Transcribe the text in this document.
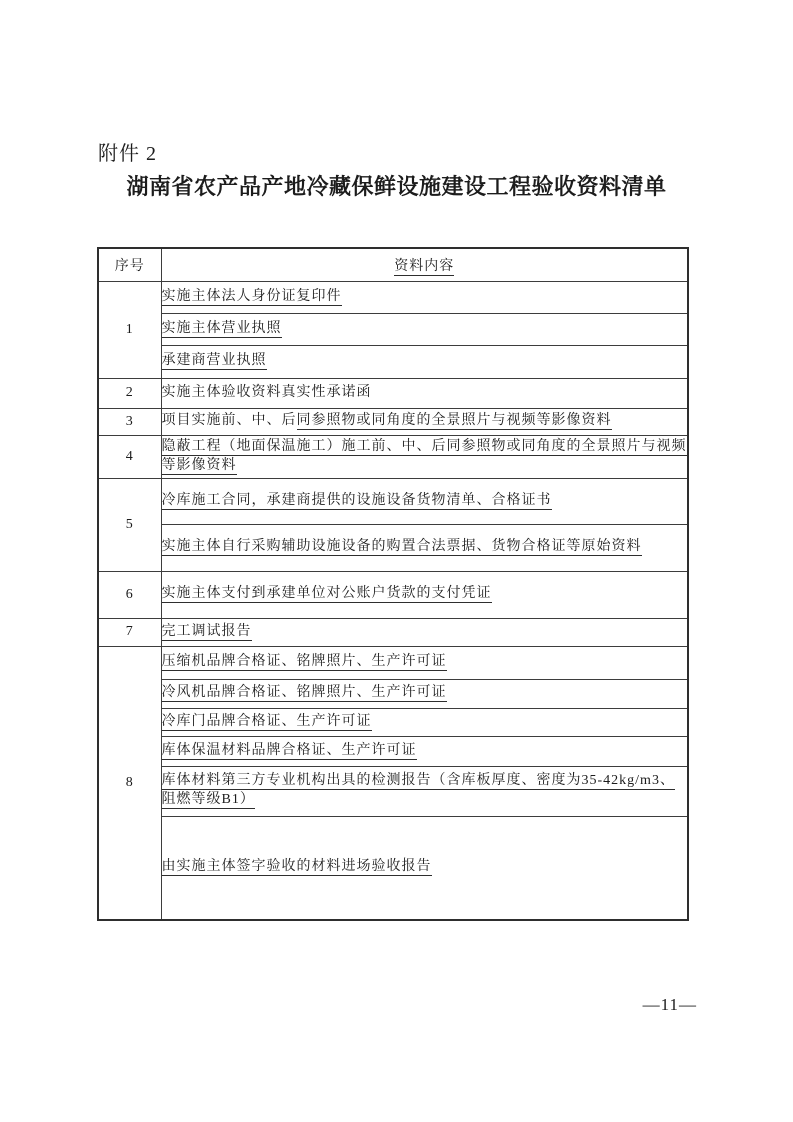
附件 2
湖南省农产品产地冷藏保鲜设施建设工程验收资料清单
序号	资料内容
1	实施主体法人身份证复印件
	实施主体营业执照
	承建商营业执照
2	实施主体验收资料真实性承诺函
3	项目实施前、中、后同参照物或同角度的全景照片与视频等影像资料
4	隐蔽工程（地面保温施工）施工前、中、后同参照物或同角度的全景照片与视频等影像资料
5	冷库施工合同，承建商提供的设施设备货物清单、合格证书
	实施主体自行采购辅助设施设备的购置合法票据、货物合格证等原始资料
6	实施主体支付到承建单位对公账户货款的支付凭证
7	完工调试报告
8	压缩机品牌合格证、铭牌照片、生产许可证
	冷风机品牌合格证、铭牌照片、生产许可证
	冷库门品牌合格证、生产许可证
	库体保温材料品牌合格证、生产许可证
	库体材料第三方专业机构出具的检测报告（含库板厚度、密度为35-42kg/m3、阻燃等级B1）
	由实施主体签字验收的材料进场验收报告
—11—
